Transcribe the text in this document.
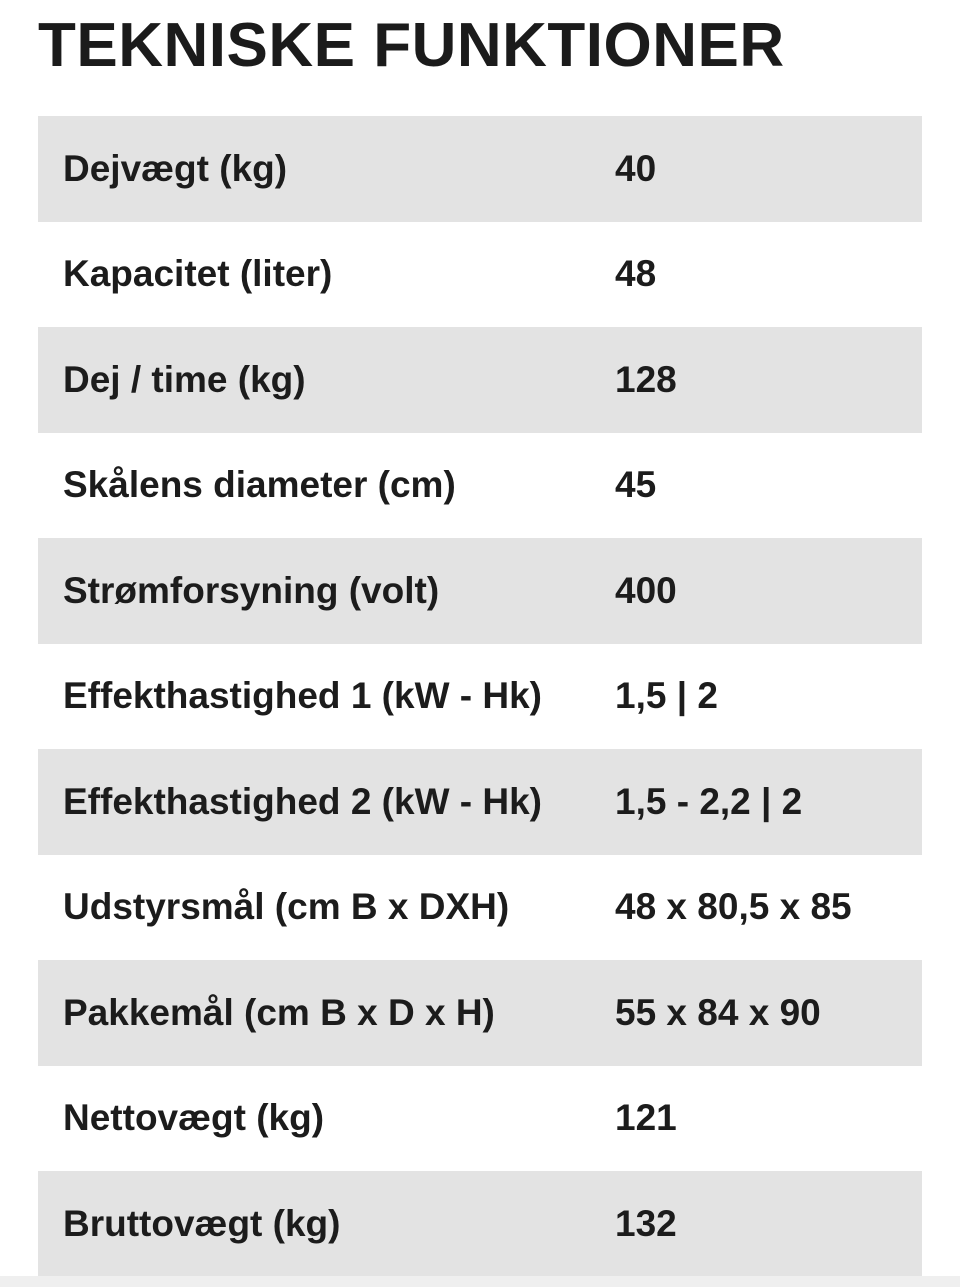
TEKNISKE FUNKTIONER
Dejvægt (kg)	40
Kapacitet (liter)	48
Dej / time (kg)	128
Skålens diameter (cm)	45
Strømforsyning (volt)	400
Effekthastighed 1 (kW - Hk)	1,5 | 2
Effekthastighed 2 (kW - Hk)	1,5 - 2,2 | 2
Udstyrsmål (cm B x DXH)	48 x 80,5 x 85
Pakkemål (cm B x D x H)	55 x 84 x 90
Nettovægt (kg)	121
Bruttovægt (kg)	132
